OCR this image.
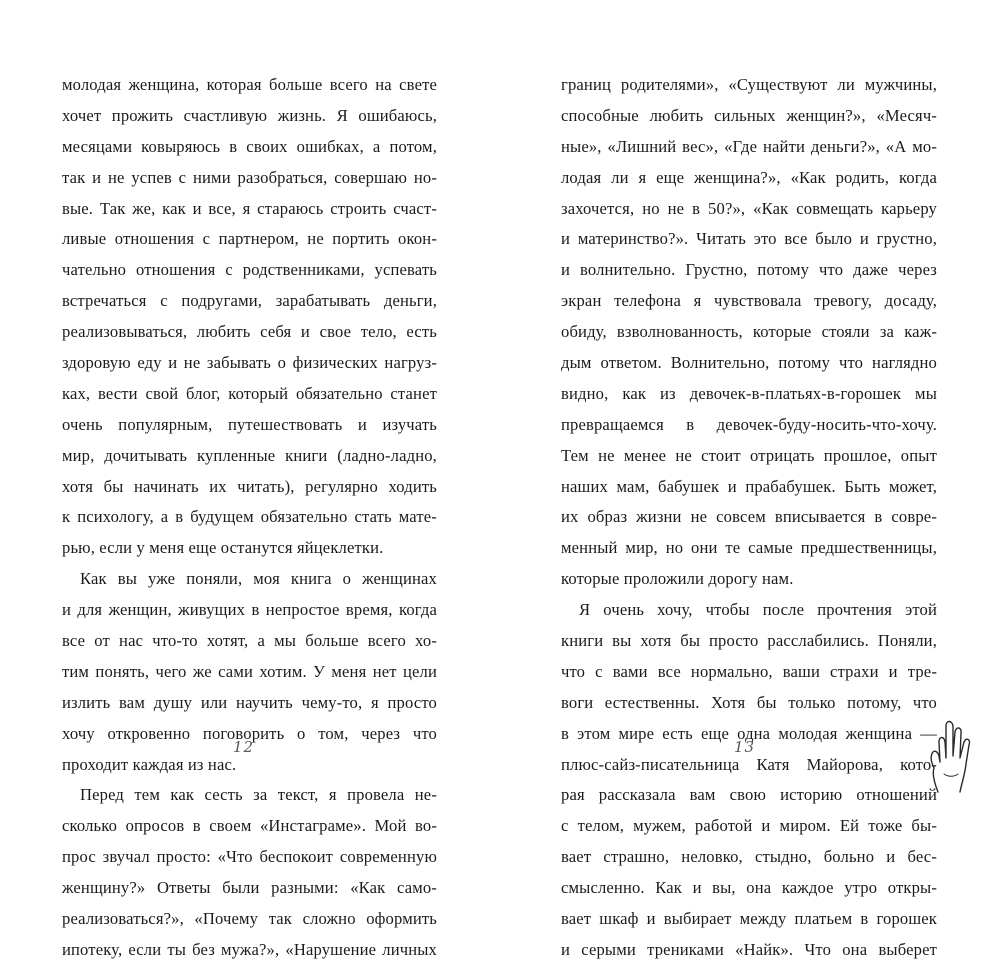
молодая женщина, которая больше всего на свете
хочет прожить счастливую жизнь. Я ошибаюсь,
месяцами ковыряюсь в своих ошибках, а потом,
так и не успев с ними разобраться, совершаю но-
вые. Так же, как и все, я стараюсь строить счаст-
ливые отношения с партнером, не портить окон-
чательно отношения с родственниками, успевать
встречаться с подругами, зарабатывать деньги,
реализовываться, любить себя и свое тело, есть
здоровую еду и не забывать о физических нагруз-
ках, вести свой блог, который обязательно станет
очень популярным, путешествовать и изучать
мир, дочитывать купленные книги (ладно-ладно,
хотя бы начинать их читать), регулярно ходить
к психологу, а в будущем обязательно стать мате-
рью, если у меня еще останутся яйцеклетки.
Как вы уже поняли, моя книга о женщинах
и для женщин, живущих в непростое время, когда
все от нас что-то хотят, а мы больше всего хо-
тим понять, чего же сами хотим. У меня нет цели
излить вам душу или научить чему-то, я просто
хочу откровенно поговорить о том, через что
проходит каждая из нас.
Перед тем как сесть за текст, я провела не-
сколько опросов в своем «Инстаграме». Мой во-
прос звучал просто: «Что беспокоит современную
женщину?» Ответы были разными: «Как само-
реализоваться?», «Почему так сложно оформить
ипотеку, если ты без мужа?», «Нарушение личных
границ родителями», «Существуют ли мужчины,
способные любить сильных женщин?», «Месяч-
ные», «Лишний вес», «Где найти деньги?», «А мо-
лодая ли я еще женщина?», «Как родить, когда
захочется, но не в 50?», «Как совмещать карьеру
и материнство?». Читать это все было и грустно,
и волнительно. Грустно, потому что даже через
экран телефона я чувствовала тревогу, досаду,
обиду, взволнованность, которые стояли за каж-
дым ответом. Волнительно, потому что наглядно
видно, как из девочек-в-платьях-в-горошек мы
превращаемся в девочек-буду-носить-что-хочу.
Тем не менее не стоит отрицать прошлое, опыт
наших мам, бабушек и прабабушек. Быть может,
их образ жизни не совсем вписывается в совре-
менный мир, но они те самые предшественницы,
которые проложили дорогу нам.
Я очень хочу, чтобы после прочтения этой
книги вы хотя бы просто расслабились. Поняли,
что с вами все нормально, ваши страхи и тре-
воги естественны. Хотя бы только потому, что
в этом мире есть еще одна молодая женщина —
плюс-сайз-писательница Катя Майорова, кото-
рая рассказала вам свою историю отношений
с телом, мужем, работой и миром. Ей тоже бы-
вает страшно, неловко, стыдно, больно и бес-
смысленно. Как и вы, она каждое утро откры-
вает шкаф и выбирает между платьем в горошек
и серыми трениками «Найк». Что она выберет
12	13
